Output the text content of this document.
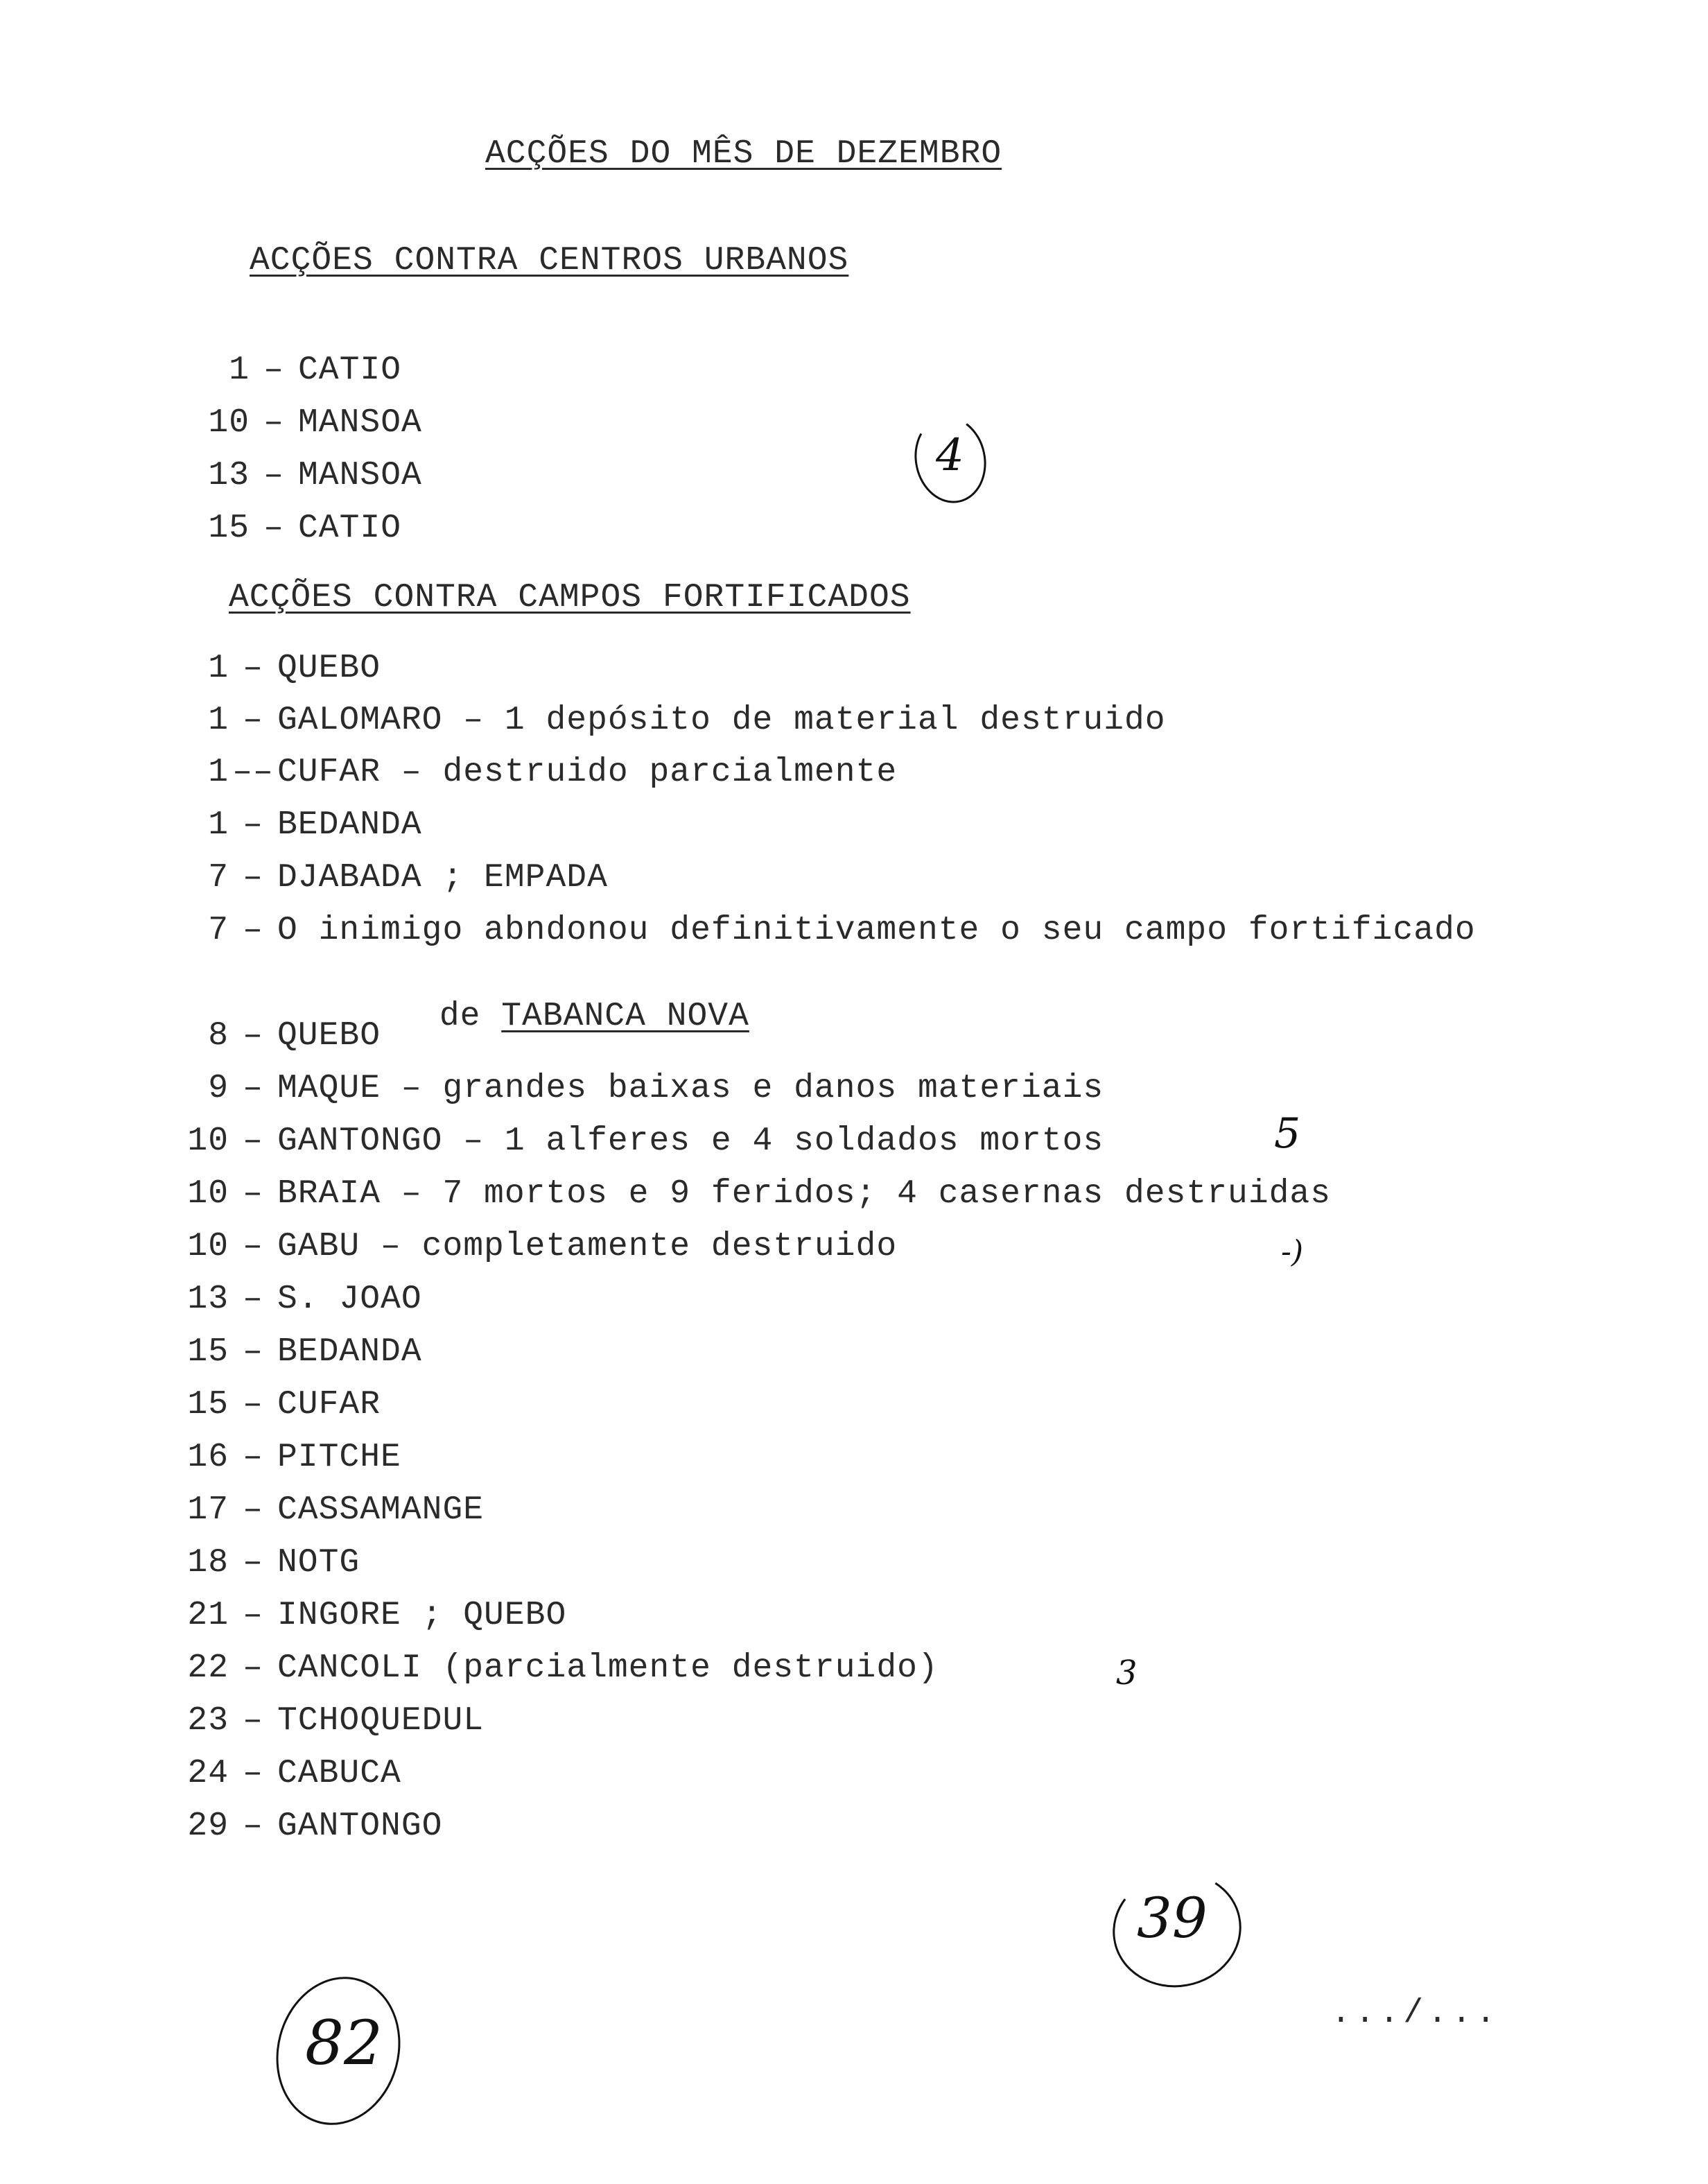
ACÇÕES DO MÊS DE DEZEMBRO
ACÇÕES CONTRA CENTROS URBANOS
1 – CATIO
10 – MANSOA
13 – MANSOA
15 – CATIO
4
ACÇÕES CONTRA CAMPOS FORTIFICADOS
1 – QUEBO
1 – GALOMARO – 1 depósito de material destruido
1 –– CUFAR – destruido parcialmente
1 – BEDANDA
7 – DJABADA ; EMPADA
7 – O inimigo abndonou definitivamente o seu campo fortificado

de TABANCA NOVA

8 – QUEBO
9 – MAQUE – grandes baixas e danos materiais
10 – GANTONGO – 1 alferes e 4 soldados mortos
10 – BRAIA – 7 mortos e 9 feridos; 4 casernas destruidas
10 – GABU – completamente destruido
13 – S. JOAO
15 – BEDANDA
15 – CUFAR
16 – PITCHE
17 – CASSAMANGE
18 – NOTG
21 – INGORE ; QUEBO
22 – CANCOLI (parcialmente destruido)
23 – TCHOQUEDUL
24 – CABUCA
29 – GANTONGO
5
-)
3
39
82	.../...
